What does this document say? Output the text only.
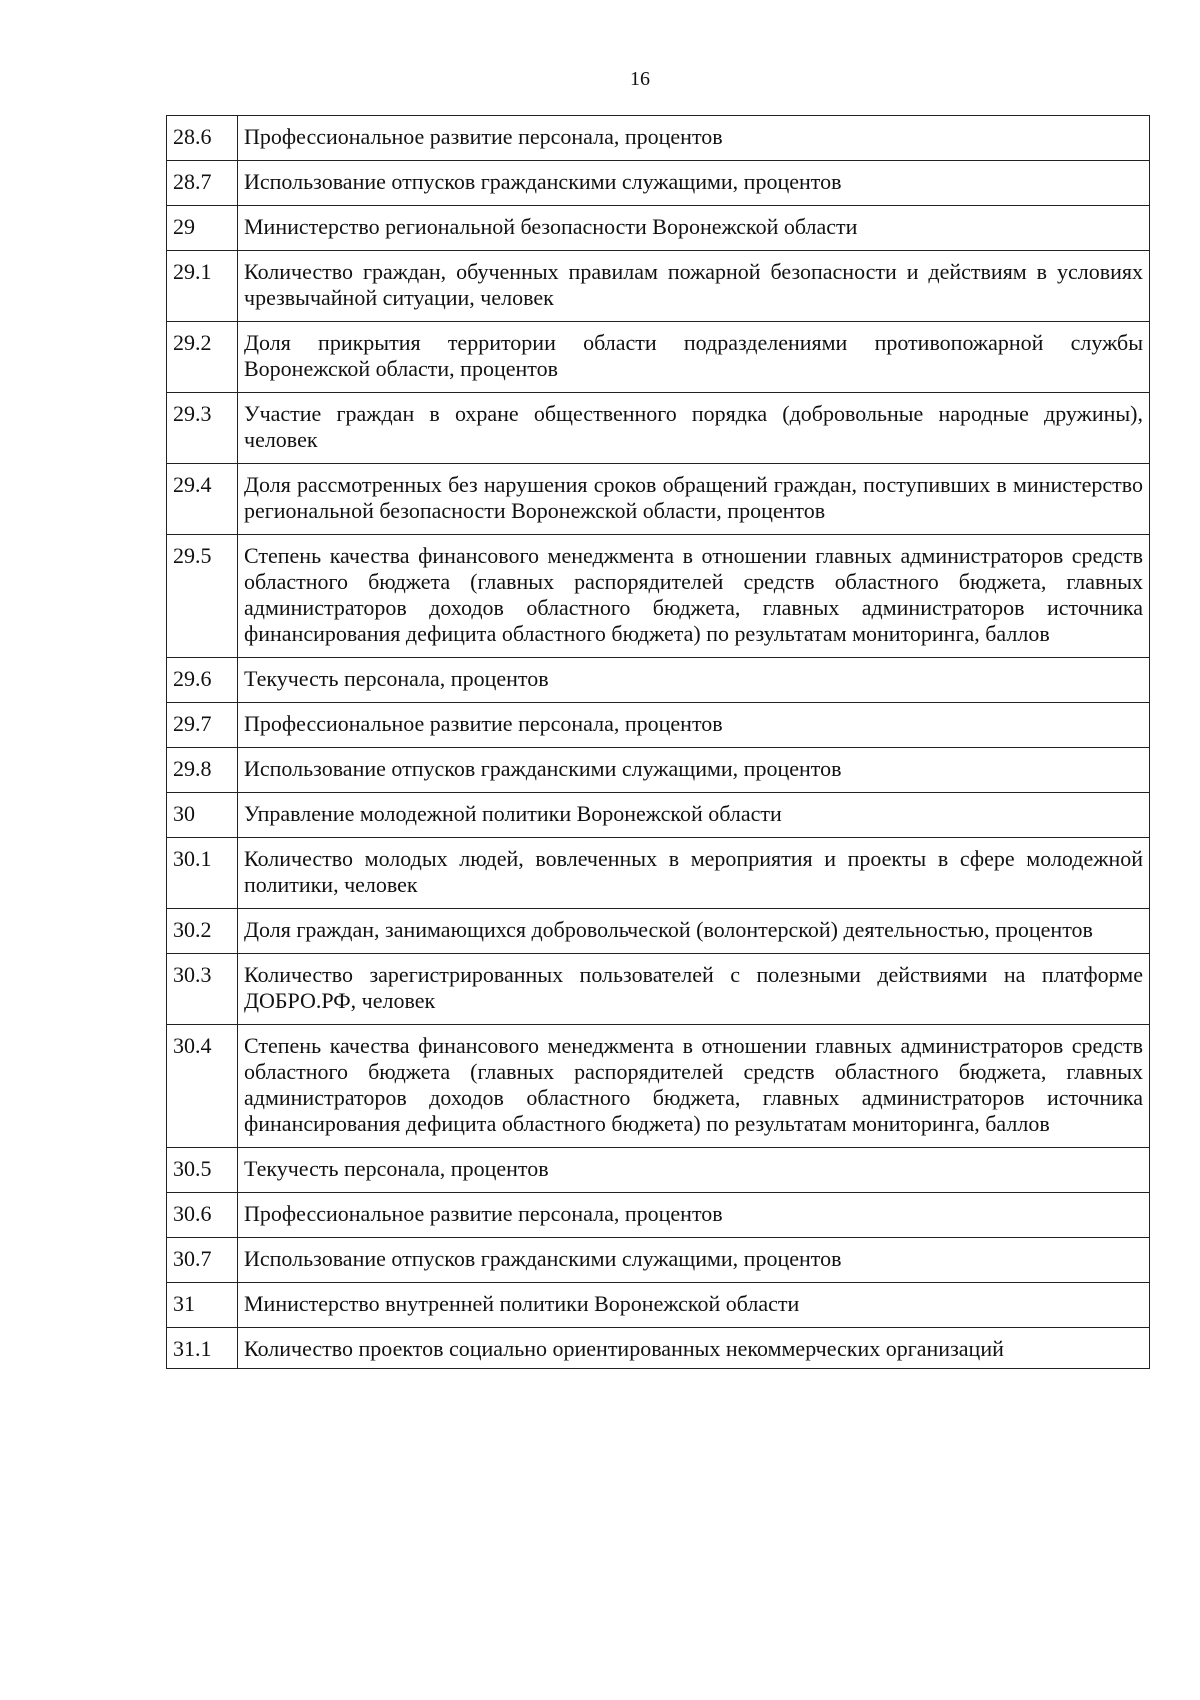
16
28.6	Профессиональное развитие персонала, процентов
28.7	Использование отпусков гражданскими служащими, процентов
29	Министерство региональной безопасности Воронежской области
29.1	Количество граждан, обученных правилам пожарной безопасности и действиям в условиях чрезвычайной ситуации, человек
29.2	Доля прикрытия территории области подразделениями противопожарной службы Воронежской области, процентов
29.3	Участие граждан в охране общественного порядка (добровольные народные дружины), человек
29.4	Доля рассмотренных без нарушения сроков обращений граждан, поступивших в министерство региональной безопасности Воронежской области, процентов
29.5	Степень качества финансового менеджмента в отношении главных администраторов средств областного бюджета (главных распорядителей средств областного бюджета, главных администраторов доходов областного бюджета, главных администраторов источника финансирования дефицита областного бюджета) по результатам мониторинга, баллов
29.6	Текучесть персонала, процентов
29.7	Профессиональное развитие персонала, процентов
29.8	Использование отпусков гражданскими служащими, процентов
30	Управление молодежной политики Воронежской области
30.1	Количество молодых людей, вовлеченных в мероприятия и проекты в сфере молодежной политики, человек
30.2	Доля граждан, занимающихся добровольческой (волонтерской) деятельностью, процентов
30.3	Количество зарегистрированных пользователей с полезными действиями на платформе ДОБРО.РФ, человек
30.4	Степень качества финансового менеджмента в отношении главных администраторов средств областного бюджета (главных распорядителей средств областного бюджета, главных администраторов доходов областного бюджета, главных администраторов источника финансирования дефицита областного бюджета) по результатам мониторинга, баллов
30.5	Текучесть персонала, процентов
30.6	Профессиональное развитие персонала, процентов
30.7	Использование отпусков гражданскими служащими, процентов
31	Министерство внутренней политики Воронежской области
31.1	Количество проектов социально ориентированных некоммерческих организаций
